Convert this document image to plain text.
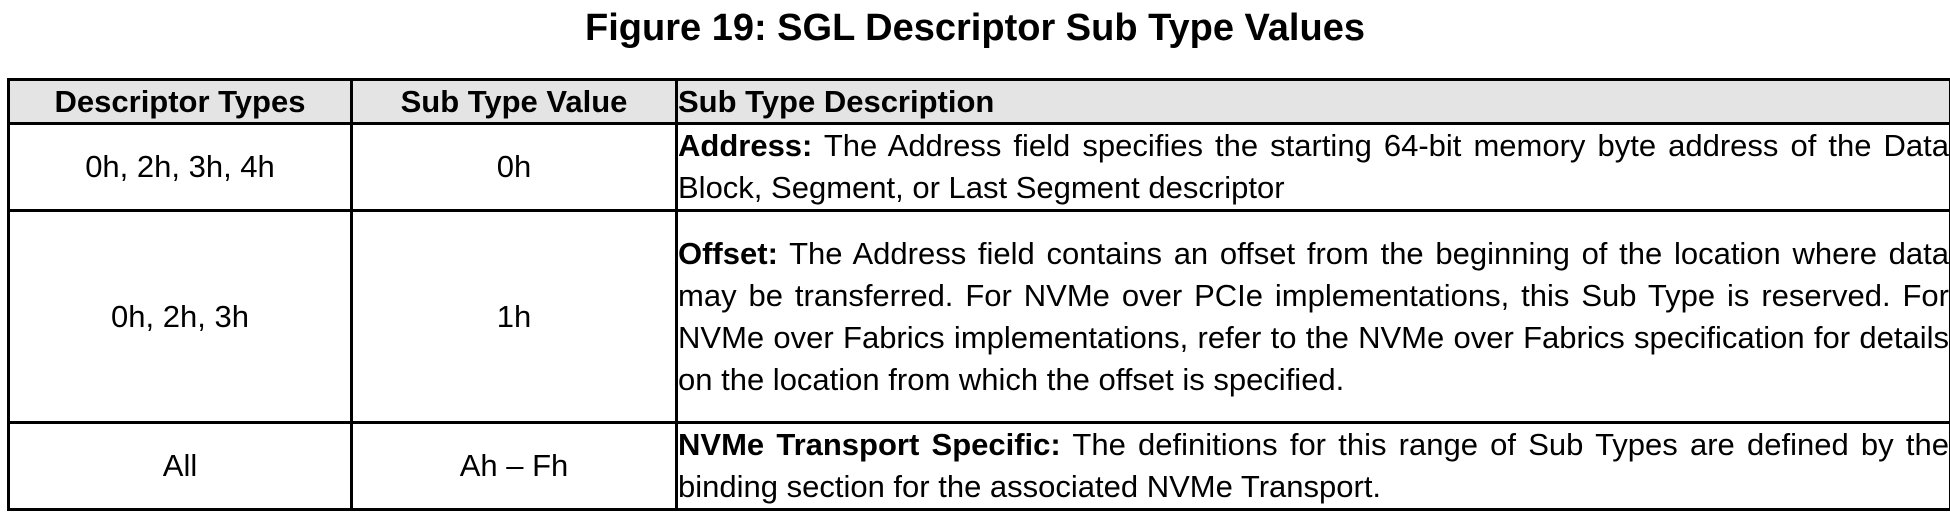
Figure 19: SGL Descriptor Sub Type Values
Descriptor Types	Sub Type Value	Sub Type Description
0h, 2h, 3h, 4h	0h	Address: The Address field specifies the starting 64-bit memory byte address of the Data Block, Segment, or Last Segment descriptor
0h, 2h, 3h	1h	Offset: The Address field contains an offset from the beginning of the location where data may be transferred. For NVMe over PCIe implementations, this Sub Type is reserved. For NVMe over Fabrics implementations, refer to the NVMe over Fabrics specification for details on the location from which the offset is specified.
All	Ah – Fh	NVMe Transport Specific: The definitions for this range of Sub Types are defined by the binding section for the associated NVMe Transport.
